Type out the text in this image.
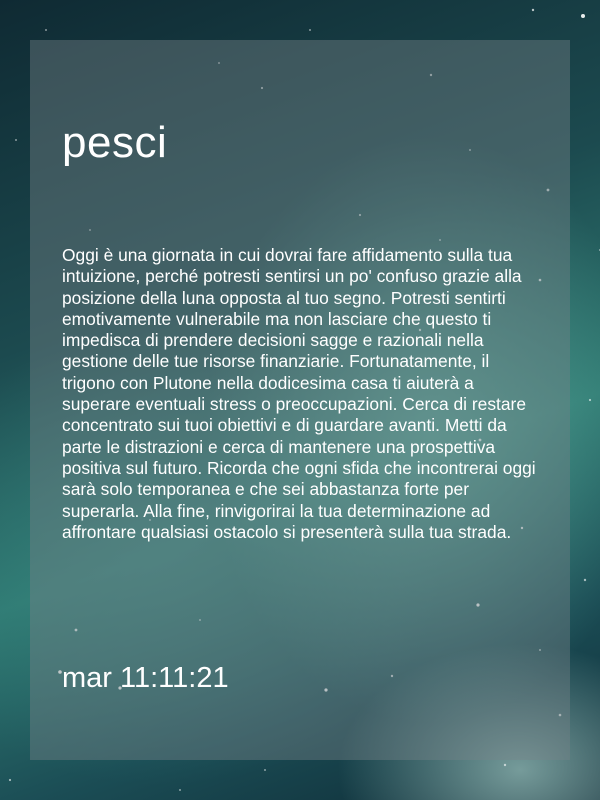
pesci

Oggi è una giornata in cui dovrai fare affidamento sulla tua intuizione, perché potresti sentirsi un po' confuso grazie alla posizione della luna opposta al tuo segno. Potresti sentirti emotivamente vulnerabile ma non lasciare che questo ti impedisca di prendere decisioni sagge e razionali nella gestione delle tue risorse finanziarie. Fortunatamente, il trigono con Plutone nella dodicesima casa ti aiuterà a superare eventuali stress o preoccupazioni. Cerca di restare concentrato sui tuoi obiettivi e di guardare avanti. Metti da parte le distrazioni e cerca di mantenere una prospettiva positiva sul futuro. Ricorda che ogni sfida che incontrerai oggi sarà solo temporanea e che sei abbastanza forte per superarla. Alla fine, rinvigorirai la tua determinazione ad affrontare qualsiasi ostacolo si presenterà sulla tua strada.

mar 11:11:21
